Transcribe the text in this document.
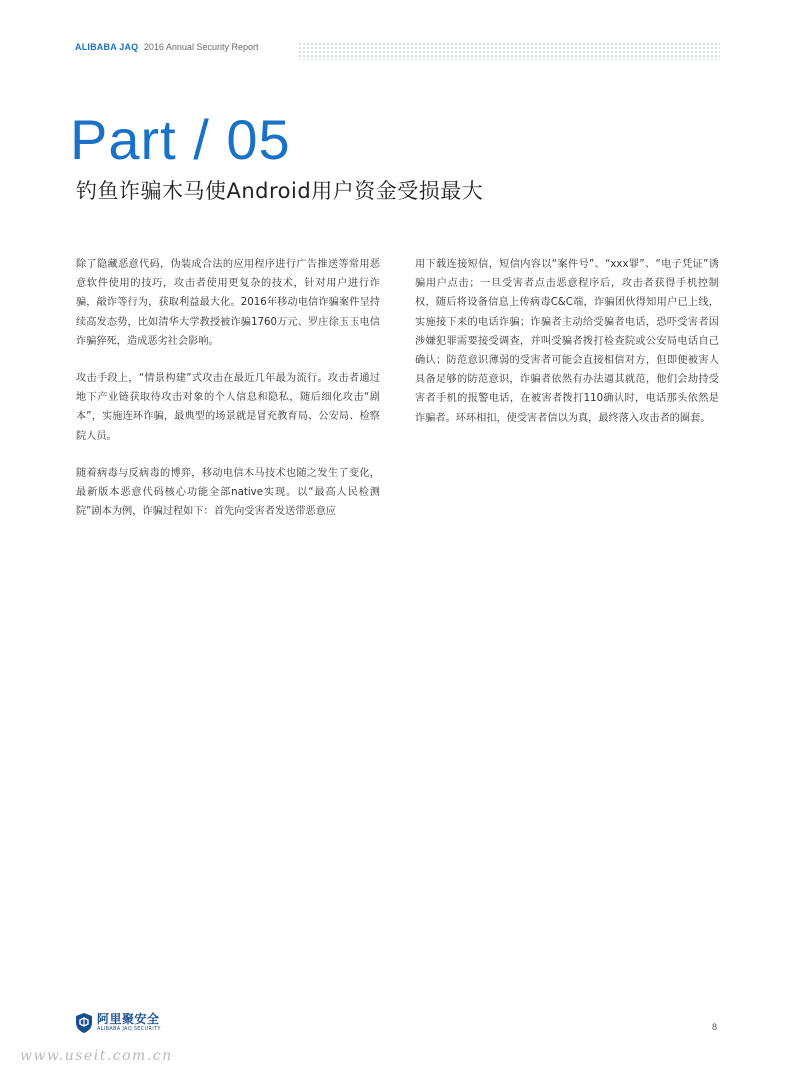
ALIBABA JAQ 2016 Annual Security Report
Part / 05
钓鱼诈骗木马使Android用户资金受损最大

除了隐藏恶意代码，伪装成合法的应用程序进行广告推送等常用恶意软件使用的技巧，攻击者使用更复杂的技术，针对用户进行诈骗，敲诈等行为，获取利益最大化。2016年移动电信诈骗案件呈持续高发态势，比如清华大学教授被诈骗1760万元、罗庄徐玉玉电信诈骗猝死，造成恶劣社会影响。

攻击手段上，“情景构建”式攻击在最近几年最为流行。攻击者通过地下产业链获取待攻击对象的个人信息和隐私，随后细化攻击“剧本”，实施连环诈骗，最典型的场景就是冒充教育局、公安局、检察院人员。

随着病毒与反病毒的博弈，移动电信木马技术也随之发生了变化，最新版本恶意代码核心功能全部native实现。以“最高人民检测院”剧本为例，诈骗过程如下：首先向受害者发送带恶意应

用下载连接短信，短信内容以“案件号”、“xxx罪”、“电子凭证”诱骗用户点击；一旦受害者点击恶意程序后，攻击者获得手机控制权，随后将设备信息上传病毒C&C端，诈骗团伙得知用户已上线，实施接下来的电话诈骗；诈骗者主动给受骗者电话，恐吓受害者因涉嫌犯罪需要接受调查，并叫受骗者拨打检查院或公安局电话自己确认；防范意识薄弱的受害者可能会直接相信对方，但即便被害人具备足够的防范意识，诈骗者依然有办法逼其就范，他们会劫持受害者手机的报警电话，在被害者拨打110确认时，电话那头依然是诈骗者。环环相扣，使受害者信以为真，最终落入攻击者的圈套。

阿里聚安全
ALIBABA JAQ SECURITY	8
www.useit.com.cn
